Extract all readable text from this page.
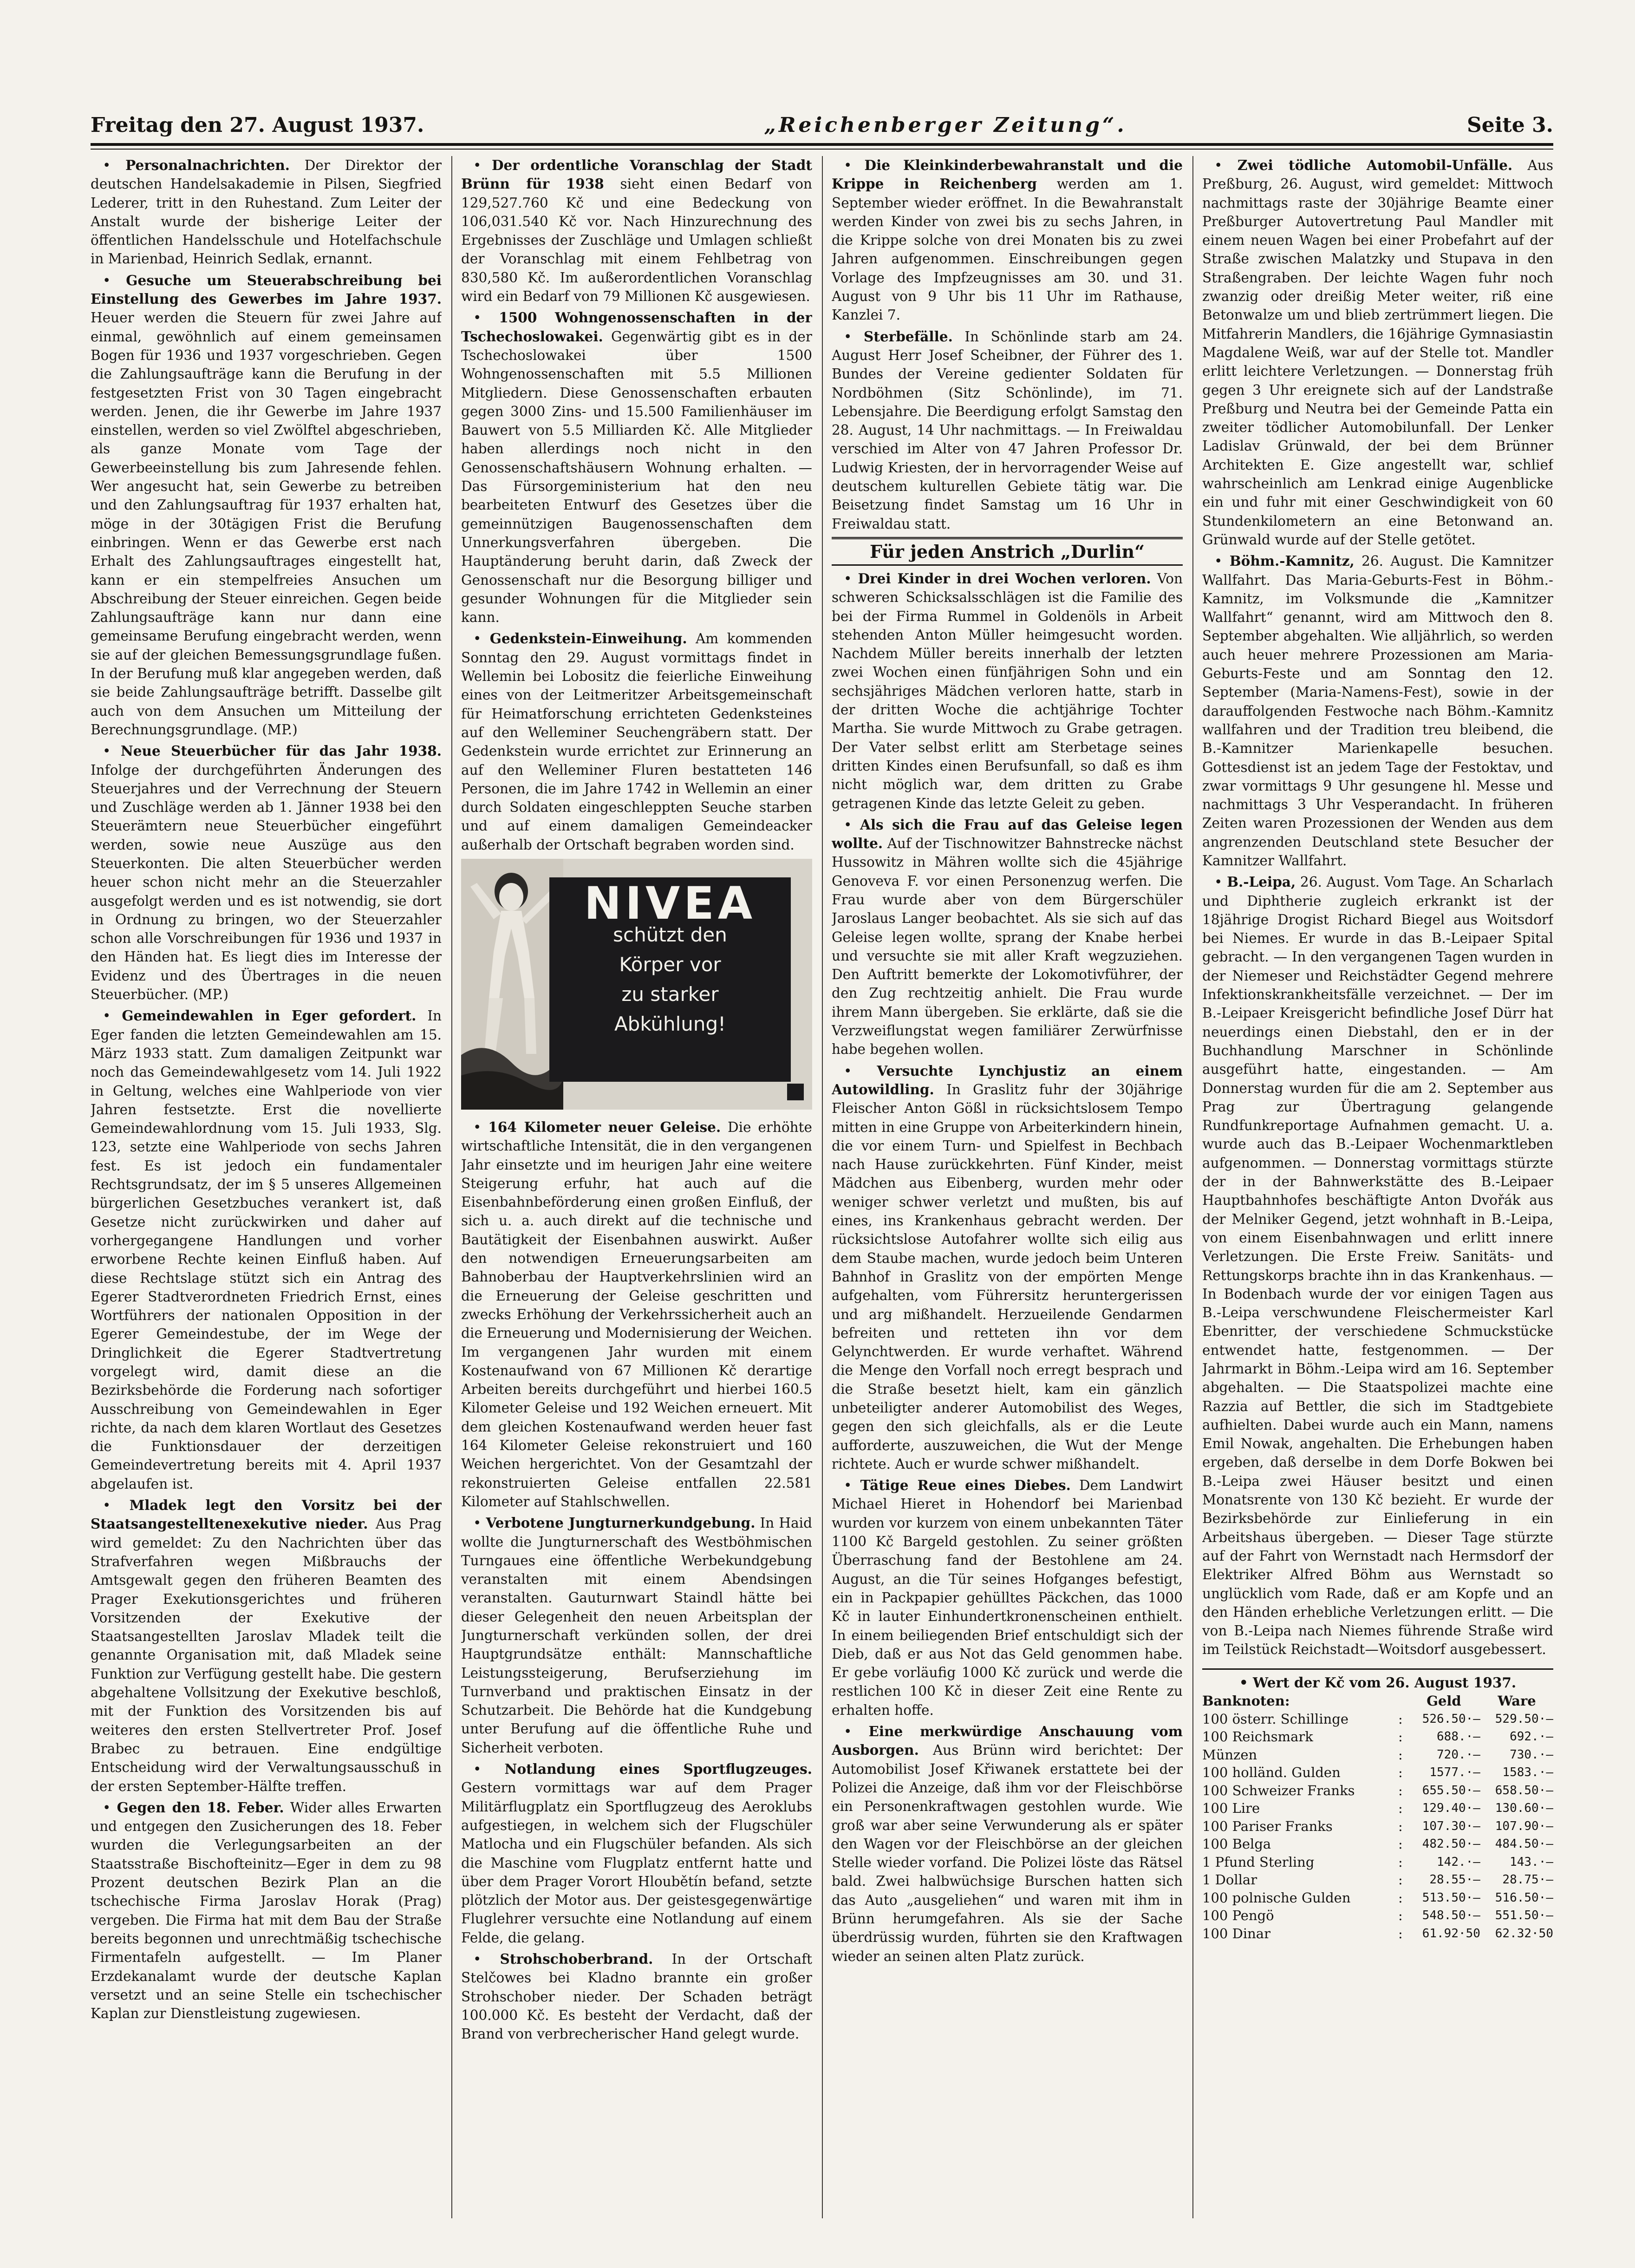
Freitag den 27. August 1937.	„Reichenberger Zeitung“.	Seite 3.

• Personalnachrichten. Der Direktor der deutschen Handelsakademie in Pilsen, Siegfried Lederer, tritt in den Ruhestand. Zum Leiter der Anstalt wurde der bisherige Leiter der öffentlichen Handelsschule und Hotelfachschule in Marienbad, Heinrich Sedlak, ernannt.

• Gesuche um Steuerabschreibung bei Einstellung des Gewerbes im Jahre 1937. Heuer werden die Steuern für zwei Jahre auf einmal, gewöhnlich auf einem gemeinsamen Bogen für 1936 und 1937 vorgeschrieben. Gegen die Zahlungsaufträge kann die Berufung in der festgesetzten Frist von 30 Tagen eingebracht werden. Jenen, die ihr Gewerbe im Jahre 1937 einstellen, werden so viel Zwölftel abgeschrieben, als ganze Monate vom Tage der Gewerbeeinstellung bis zum Jahresende fehlen. Wer angesucht hat, sein Gewerbe zu betreiben und den Zahlungsauftrag für 1937 erhalten hat, möge in der 30tägigen Frist die Berufung einbringen. Wenn er das Gewerbe erst nach Erhalt des Zahlungsauftrages eingestellt hat, kann er ein stempelfreies Ansuchen um Abschreibung der Steuer einreichen. Gegen beide Zahlungsaufträge kann nur dann eine gemeinsame Berufung eingebracht werden, wenn sie auf der gleichen Bemessungsgrundlage fußen. In der Berufung muß klar angegeben werden, daß sie beide Zahlungsaufträge betrifft. Dasselbe gilt auch von dem Ansuchen um Mitteilung der Berechnungsgrundlage. (MP.)

• Neue Steuerbücher für das Jahr 1938. Infolge der durchgeführten Änderungen des Steuerjahres und der Verrechnung der Steuern und Zuschläge werden ab 1. Jänner 1938 bei den Steuerämtern neue Steuerbücher eingeführt werden, sowie neue Auszüge aus den Steuerkonten. Die alten Steuerbücher werden heuer schon nicht mehr an die Steuerzahler ausgefolgt werden und es ist notwendig, sie dort in Ordnung zu bringen, wo der Steuerzahler schon alle Vorschreibungen für 1936 und 1937 in den Händen hat. Es liegt dies im Interesse der Evidenz und des Übertrages in die neuen Steuerbücher. (MP.)

• Gemeindewahlen in Eger gefordert. In Eger fanden die letzten Gemeindewahlen am 15. März 1933 statt. Zum damaligen Zeitpunkt war noch das Gemeindewahlgesetz vom 14. Juli 1922 in Geltung, welches eine Wahlperiode von vier Jahren festsetzte. Erst die novellierte Gemeindewahlordnung vom 15. Juli 1933, Slg. 123, setzte eine Wahlperiode von sechs Jahren fest. Es ist jedoch ein fundamentaler Rechtsgrundsatz, der im § 5 unseres Allgemeinen bürgerlichen Gesetzbuches verankert ist, daß Gesetze nicht zurückwirken und daher auf vorhergegangene Handlungen und vorher erworbene Rechte keinen Einfluß haben. Auf diese Rechtslage stützt sich ein Antrag des Egerer Stadtverordneten Friedrich Ernst, eines Wortführers der nationalen Opposition in der Egerer Gemeindestube, der im Wege der Dringlichkeit die Egerer Stadtvertretung vorgelegt wird, damit diese an die Bezirksbehörde die Forderung nach sofortiger Ausschreibung von Gemeindewahlen in Eger richte, da nach dem klaren Wortlaut des Gesetzes die Funktionsdauer der derzeitigen Gemeindevertretung bereits mit 4. April 1937 abgelaufen ist.

• Mladek legt den Vorsitz bei der Staatsangestelltenexekutive nieder. Aus Prag wird gemeldet: Zu den Nachrichten über das Strafverfahren wegen Mißbrauchs der Amtsgewalt gegen den früheren Beamten des Prager Exekutionsgerichtes und früheren Vorsitzenden der Exekutive der Staatsangestellten Jaroslav Mladek teilt die genannte Organisation mit, daß Mladek seine Funktion zur Verfügung gestellt habe. Die gestern abgehaltene Vollsitzung der Exekutive beschloß, mit der Funktion des Vorsitzenden bis auf weiteres den ersten Stellvertreter Prof. Josef Brabec zu betrauen. Eine endgültige Entscheidung wird der Verwaltungsausschuß in der ersten September-Hälfte treffen.

• Gegen den 18. Feber. Wider alles Erwarten und entgegen den Zusicherungen des 18. Feber wurden die Verlegungsarbeiten an der Staatsstraße Bischofteinitz—Eger in dem zu 98 Prozent deutschen Bezirk Plan an die tschechische Firma Jaroslav Horak (Prag) vergeben. Die Firma hat mit dem Bau der Straße bereits begonnen und unrechtmäßig tschechische Firmentafeln aufgestellt. — Im Planer Erzdekanalamt wurde der deutsche Kaplan versetzt und an seine Stelle ein tschechischer Kaplan zur Dienstleistung zugewiesen.

• Der ordentliche Voranschlag der Stadt Brünn für 1938 sieht einen Bedarf von 129,527.760 Kč und eine Bedeckung von 106,031.540 Kč vor. Nach Hinzurechnung des Ergebnisses der Zuschläge und Umlagen schließt der Voranschlag mit einem Fehlbetrag von 830,580 Kč. Im außerordentlichen Voranschlag wird ein Bedarf von 79 Millionen Kč ausgewiesen.

• 1500 Wohngenossenschaften in der Tschechoslowakei. Gegenwärtig gibt es in der Tschechoslowakei über 1500 Wohngenossenschaften mit 5.5 Millionen Mitgliedern. Diese Genossenschaften erbauten gegen 3000 Zins- und 15.500 Familienhäuser im Bauwert von 5.5 Milliarden Kč. Alle Mitglieder haben allerdings noch nicht in den Genossenschaftshäusern Wohnung erhalten. — Das Fürsorgeministerium hat den neu bearbeiteten Entwurf des Gesetzes über die gemeinnützigen Baugenossenschaften dem Unnerkungsverfahren übergeben. Die Hauptänderung beruht darin, daß Zweck der Genossenschaft nur die Besorgung billiger und gesunder Wohnungen für die Mitglieder sein kann.

• Gedenkstein-Einweihung. Am kommenden Sonntag den 29. August vormittags findet in Wellemin bei Lobositz die feierliche Einweihung eines von der Leitmeritzer Arbeitsgemeinschaft für Heimatforschung errichteten Gedenksteines auf den Welleminer Seuchengräbern statt. Der Gedenkstein wurde errichtet zur Erinnerung an auf den Welleminer Fluren bestatteten 146 Personen, die im Jahre 1742 in Wellemin an einer durch Soldaten eingeschleppten Seuche starben und auf einem damaligen Gemeindeacker außerhalb der Ortschaft begraben worden sind.

NIVEA
schützt den
Körper vor
zu starker
Abkühlung!

• 164 Kilometer neuer Geleise. Die erhöhte wirtschaftliche Intensität, die in den vergangenen Jahr einsetzte und im heurigen Jahr eine weitere Steigerung erfuhr, hat auch auf die Eisenbahnbeförderung einen großen Einfluß, der sich u. a. auch direkt auf die technische und Bautätigkeit der Eisenbahnen auswirkt. Außer den notwendigen Erneuerungsarbeiten am Bahnoberbau der Hauptverkehrslinien wird an die Erneuerung der Geleise geschritten und zwecks Erhöhung der Verkehrssicherheit auch an die Erneuerung und Modernisierung der Weichen. Im vergangenen Jahr wurden mit einem Kostenaufwand von 67 Millionen Kč derartige Arbeiten bereits durchgeführt und hierbei 160.5 Kilometer Geleise und 192 Weichen erneuert. Mit dem gleichen Kostenaufwand werden heuer fast 164 Kilometer Geleise rekonstruiert und 160 Weichen hergerichtet. Von der Gesamtzahl der rekonstruierten Geleise entfallen 22.581 Kilometer auf Stahlschwellen.

• Verbotene Jungturnerkundgebung. In Haid wollte die Jungturnerschaft des Westböhmischen Turngaues eine öffentliche Werbekundgebung veranstalten mit einem Abendsingen veranstalten. Gauturnwart Staindl hätte bei dieser Gelegenheit den neuen Arbeitsplan der Jungturnerschaft verkünden sollen, der drei Hauptgrundsätze enthält: Mannschaftliche Leistungssteigerung, Berufserziehung im Turnverband und praktischen Einsatz in der Schutzarbeit. Die Behörde hat die Kundgebung unter Berufung auf die öffentliche Ruhe und Sicherheit verboten.

• Notlandung eines Sportflugzeuges. Gestern vormittags war auf dem Prager Militärflugplatz ein Sportflugzeug des Aeroklubs aufgestiegen, in welchem sich der Flugschüler Matlocha und ein Flugschüler befanden. Als sich die Maschine vom Flugplatz entfernt hatte und über dem Prager Vorort Hloubětín befand, setzte plötzlich der Motor aus. Der geistesgegenwärtige Fluglehrer versuchte eine Notlandung auf einem Felde, die gelang.

• Strohschoberbrand. In der Ortschaft Stelčowes bei Kladno brannte ein großer Strohschober nieder. Der Schaden beträgt 100.000 Kč. Es besteht der Verdacht, daß der Brand von verbrecherischer Hand gelegt wurde.

• Die Kleinkinderbewahranstalt und die Krippe in Reichenberg werden am 1. September wieder eröffnet. In die Bewahranstalt werden Kinder von zwei bis zu sechs Jahren, in die Krippe solche von drei Monaten bis zu zwei Jahren aufgenommen. Einschreibungen gegen Vorlage des Impfzeugnisses am 30. und 31. August von 9 Uhr bis 11 Uhr im Rathause, Kanzlei 7.

• Sterbefälle. In Schönlinde starb am 24. August Herr Josef Scheibner, der Führer des 1. Bundes der Vereine gedienter Soldaten für Nordböhmen (Sitz Schönlinde), im 71. Lebensjahre. Die Beerdigung erfolgt Samstag den 28. August, 14 Uhr nachmittags. — In Freiwaldau verschied im Alter von 47 Jahren Professor Dr. Ludwig Kriesten, der in hervorragender Weise auf deutschem kulturellen Gebiete tätig war. Die Beisetzung findet Samstag um 16 Uhr in Freiwaldau statt.

Für jeden Anstrich „Durlin“

• Drei Kinder in drei Wochen verloren. Von schweren Schicksalsschlägen ist die Familie des bei der Firma Rummel in Goldenöls in Arbeit stehenden Anton Müller heimgesucht worden. Nachdem Müller bereits innerhalb der letzten zwei Wochen einen fünfjährigen Sohn und ein sechsjähriges Mädchen verloren hatte, starb in der dritten Woche die achtjährige Tochter Martha. Sie wurde Mittwoch zu Grabe getragen. Der Vater selbst erlitt am Sterbetage seines dritten Kindes einen Berufsunfall, so daß es ihm nicht möglich war, dem dritten zu Grabe getragenen Kinde das letzte Geleit zu geben.

• Als sich die Frau auf das Geleise legen wollte. Auf der Tischnowitzer Bahnstrecke nächst Hussowitz in Mähren wollte sich die 45jährige Genoveva F. vor einen Personenzug werfen. Die Frau wurde aber von dem Bürgerschüler Jaroslaus Langer beobachtet. Als sie sich auf das Geleise legen wollte, sprang der Knabe herbei und versuchte sie mit aller Kraft wegzuziehen. Den Auftritt bemerkte der Lokomotivführer, der den Zug rechtzeitig anhielt. Die Frau wurde ihrem Mann übergeben. Sie erklärte, daß sie die Verzweiflungstat wegen familiärer Zerwürfnisse habe begehen wollen.

• Versuchte Lynchjustiz an einem Autowildling. In Graslitz fuhr der 30jährige Fleischer Anton Gößl in rücksichtslosem Tempo mitten in eine Gruppe von Arbeiterkindern hinein, die vor einem Turn- und Spielfest in Bechbach nach Hause zurückkehrten. Fünf Kinder, meist Mädchen aus Eibenberg, wurden mehr oder weniger schwer verletzt und mußten, bis auf eines, ins Krankenhaus gebracht werden. Der rücksichtslose Autofahrer wollte sich eilig aus dem Staube machen, wurde jedoch beim Unteren Bahnhof in Graslitz von der empörten Menge aufgehalten, vom Führersitz heruntergerissen und arg mißhandelt. Herzueilende Gendarmen befreiten und retteten ihn vor dem Gelynchtwerden. Er wurde verhaftet. Während die Menge den Vorfall noch erregt besprach und die Straße besetzt hielt, kam ein gänzlich unbeteiligter anderer Automobilist des Weges, gegen den sich gleichfalls, als er die Leute aufforderte, auszuweichen, die Wut der Menge richtete. Auch er wurde schwer mißhandelt.

• Tätige Reue eines Diebes. Dem Landwirt Michael Hieret in Hohendorf bei Marienbad wurden vor kurzem von einem unbekannten Täter 1100 Kč Bargeld gestohlen. Zu seiner größten Überraschung fand der Bestohlene am 24. August, an die Tür seines Hofganges befestigt, ein in Packpapier gehülltes Päckchen, das 1000 Kč in lauter Einhundertkronenscheinen enthielt. In einem beiliegenden Brief entschuldigt sich der Dieb, daß er aus Not das Geld genommen habe. Er gebe vorläufig 1000 Kč zurück und werde die restlichen 100 Kč in dieser Zeit eine Rente zu erhalten hoffe.

• Eine merkwürdige Anschauung vom Ausborgen. Aus Brünn wird berichtet: Der Automobilist Josef Křiwanek erstattete bei der Polizei die Anzeige, daß ihm vor der Fleischbörse ein Personenkraftwagen gestohlen wurde. Wie groß war aber seine Verwunderung als er später den Wagen vor der Fleischbörse an der gleichen Stelle wieder vorfand. Die Polizei löste das Rätsel bald. Zwei halbwüchsige Burschen hatten sich das Auto „ausgeliehen“ und waren mit ihm in Brünn herumgefahren. Als sie der Sache überdrüssig wurden, führten sie den Kraftwagen wieder an seinen alten Platz zurück.

• Zwei tödliche Automobil-Unfälle. Aus Preßburg, 26. August, wird gemeldet: Mittwoch nachmittags raste der 30jährige Beamte einer Preßburger Autovertretung Paul Mandler mit einem neuen Wagen bei einer Probefahrt auf der Straße zwischen Malatzky und Stupava in den Straßengraben. Der leichte Wagen fuhr noch zwanzig oder dreißig Meter weiter, riß eine Betonwalze um und blieb zertrümmert liegen. Die Mitfahrerin Mandlers, die 16jährige Gymnasiastin Magdalene Weiß, war auf der Stelle tot. Mandler erlitt leichtere Verletzungen. — Donnerstag früh gegen 3 Uhr ereignete sich auf der Landstraße Preßburg und Neutra bei der Gemeinde Patta ein zweiter tödlicher Automobilunfall. Der Lenker Ladislav Grünwald, der bei dem Brünner Architekten E. Gize angestellt war, schlief wahrscheinlich am Lenkrad einige Augenblicke ein und fuhr mit einer Geschwindigkeit von 60 Stundenkilometern an eine Betonwand an. Grünwald wurde auf der Stelle getötet.

• Böhm.-Kamnitz, 26. August. Die Kamnitzer Wallfahrt. Das Maria-Geburts-Fest in Böhm.-Kamnitz, im Volksmunde die „Kamnitzer Wallfahrt“ genannt, wird am Mittwoch den 8. September abgehalten. Wie alljährlich, so werden auch heuer mehrere Prozessionen am Maria-Geburts-Feste und am Sonntag den 12. September (Maria-Namens-Fest), sowie in der darauffolgenden Festwoche nach Böhm.-Kamnitz wallfahren und der Tradition treu bleibend, die B.-Kamnitzer Marienkapelle besuchen. Gottesdienst ist an jedem Tage der Festoktav, und zwar vormittags 9 Uhr gesungene hl. Messe und nachmittags 3 Uhr Vesperandacht. In früheren Zeiten waren Prozessionen der Wenden aus dem angrenzenden Deutschland stete Besucher der Kamnitzer Wallfahrt.

• B.-Leipa, 26. August. Vom Tage. An Scharlach und Diphtherie zugleich erkrankt ist der 18jährige Drogist Richard Biegel aus Woitsdorf bei Niemes. Er wurde in das B.-Leipaer Spital gebracht. — In den vergangenen Tagen wurden in der Niemeser und Reichstädter Gegend mehrere Infektionskrankheitsfälle verzeichnet. — Der im B.-Leipaer Kreisgericht befindliche Josef Dürr hat neuerdings einen Diebstahl, den er in der Buchhandlung Marschner in Schönlinde ausgeführt hatte, eingestanden. — Am Donnerstag wurden für die am 2. September aus Prag zur Übertragung gelangende Rundfunkreportage Aufnahmen gemacht. U. a. wurde auch das B.-Leipaer Wochenmarktleben aufgenommen. — Donnerstag vormittags stürzte der in der Bahnwerkstätte des B.-Leipaer Hauptbahnhofes beschäftigte Anton Dvořák aus der Melniker Gegend, jetzt wohnhaft in B.-Leipa, von einem Eisenbahnwagen und erlitt innere Verletzungen. Die Erste Freiw. Sanitäts- und Rettungskorps brachte ihn in das Krankenhaus. — In Bodenbach wurde der vor einigen Tagen aus B.-Leipa verschwundene Fleischermeister Karl Ebenritter, der verschiedene Schmuckstücke entwendet hatte, festgenommen. — Der Jahrmarkt in Böhm.-Leipa wird am 16. September abgehalten. — Die Staatspolizei machte eine Razzia auf Bettler, die sich im Stadtgebiete aufhielten. Dabei wurde auch ein Mann, namens Emil Nowak, angehalten. Die Erhebungen haben ergeben, daß derselbe in dem Dorfe Bokwen bei B.-Leipa zwei Häuser besitzt und einen Monatsrente von 130 Kč bezieht. Er wurde der Bezirksbehörde zur Einlieferung in ein Arbeitshaus übergeben. — Dieser Tage stürzte auf der Fahrt von Wernstadt nach Hermsdorf der Elektriker Alfred Böhm aus Wernstadt so unglücklich vom Rade, daß er am Kopfe und an den Händen erhebliche Verletzungen erlitt. — Die von B.-Leipa nach Niemes führende Straße wird im Teilstück Reichstadt—Woitsdorf ausgebessert.

• Wert der Kč vom 26. August 1937.
Banknoten:		Geld	Ware
100 österr. Schillinge	:	526.50·—	529.50·—
100 Reichsmark	:	688.·—	692.·—
Münzen	:	720.·—	730.·—
100 holländ. Gulden	:	1577.·—	1583.·—
100 Schweizer Franks	:	655.50·—	658.50·—
100 Lire	:	129.40·—	130.60·—
100 Pariser Franks	:	107.30·—	107.90·—
100 Belga	:	482.50·—	484.50·—
1 Pfund Sterling	:	142.·—	143.·—
1 Dollar	:	28.55·—	28.75·—
100 polnische Gulden	:	513.50·—	516.50·—
100 Pengö	:	548.50·—	551.50·—
100 Dinar	:	61.92·50	62.32·50
